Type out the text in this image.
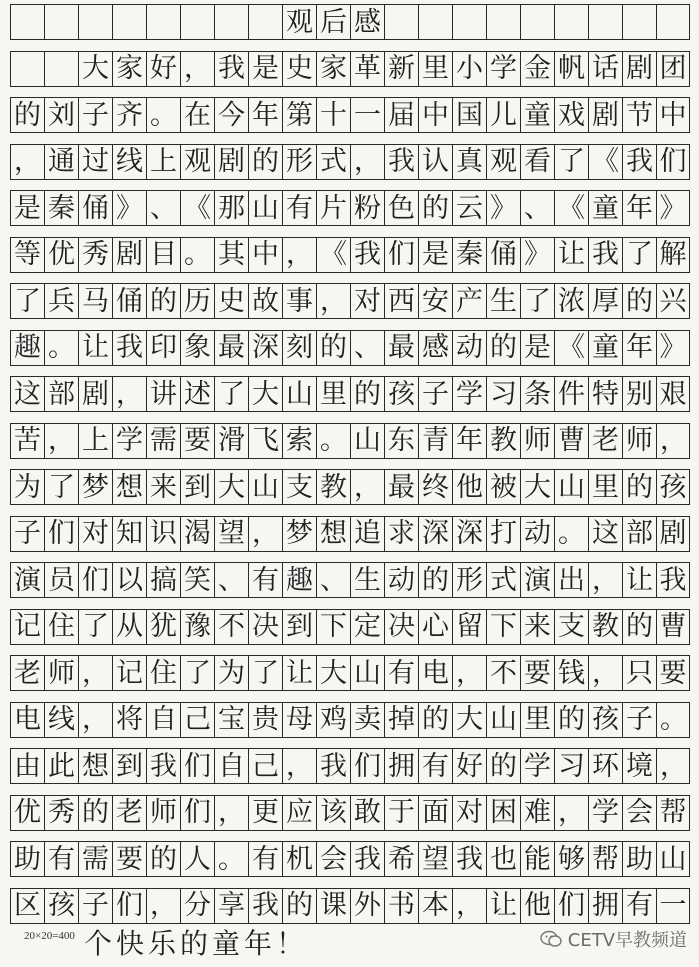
观 后 感
大 家 好 ， 我 是 史 家 革 新 里 小 学 金 帆 话 剧 团
的 刘 子 齐 。 在 今 年 第 十 一 届 中 国 儿 童 戏 剧 节 中
， 通 过 线 上 观 剧 的 形 式 ， 我 认 真 观 看 了 《 我 们
是 秦 俑 》 、 《 那 山 有 片 粉 色 的 云 》 、 《 童 年 》
等 优 秀 剧 目 。 其 中 ， 《 我 们 是 秦 俑 》 让 我 了 解
了 兵 马 俑 的 历 史 故 事 ， 对 西 安 产 生 了 浓 厚 的 兴
趣 。 让 我 印 象 最 深 刻 的 、 最 感 动 的 是 《 童 年 》
这 部 剧 ， 讲 述 了 大 山 里 的 孩 子 学 习 条 件 特 别 艰
苦 ， 上 学 需 要 滑 飞 索 。 山 东 青 年 教 师 曹 老 师 ，
为 了 梦 想 来 到 大 山 支 教 ， 最 终 他 被 大 山 里 的 孩
子 们 对 知 识 渴 望 ， 梦 想 追 求 深 深 打 动 。 这 部 剧
演 员 们 以 搞 笑 、 有 趣 、 生 动 的 形 式 演 出 ， 让 我
记 住 了 从 犹 豫 不 决 到 下 定 决 心 留 下 来 支 教 的 曹
老 师 ， 记 住 了 为 了 让 大 山 有 电 ， 不 要 钱 ， 只 要
电 线 ， 将 自 己 宝 贵 母 鸡 卖 掉 的 大 山 里 的 孩 子 。
由 此 想 到 我 们 自 己 ， 我 们 拥 有 好 的 学 习 环 境 ，
优 秀 的 老 师 们 ， 更 应 该 敢 于 面 对 困 难 ， 学 会 帮
助 有 需 要 的 人 。 有 机 会 我 希 望 我 也 能 够 帮 助 山
区 孩 子 们 ， 分 享 我 的 课 外 书 本 ， 让 他 们 拥 有 一
个快乐的童年！
20×20=400	CETV早教频道
